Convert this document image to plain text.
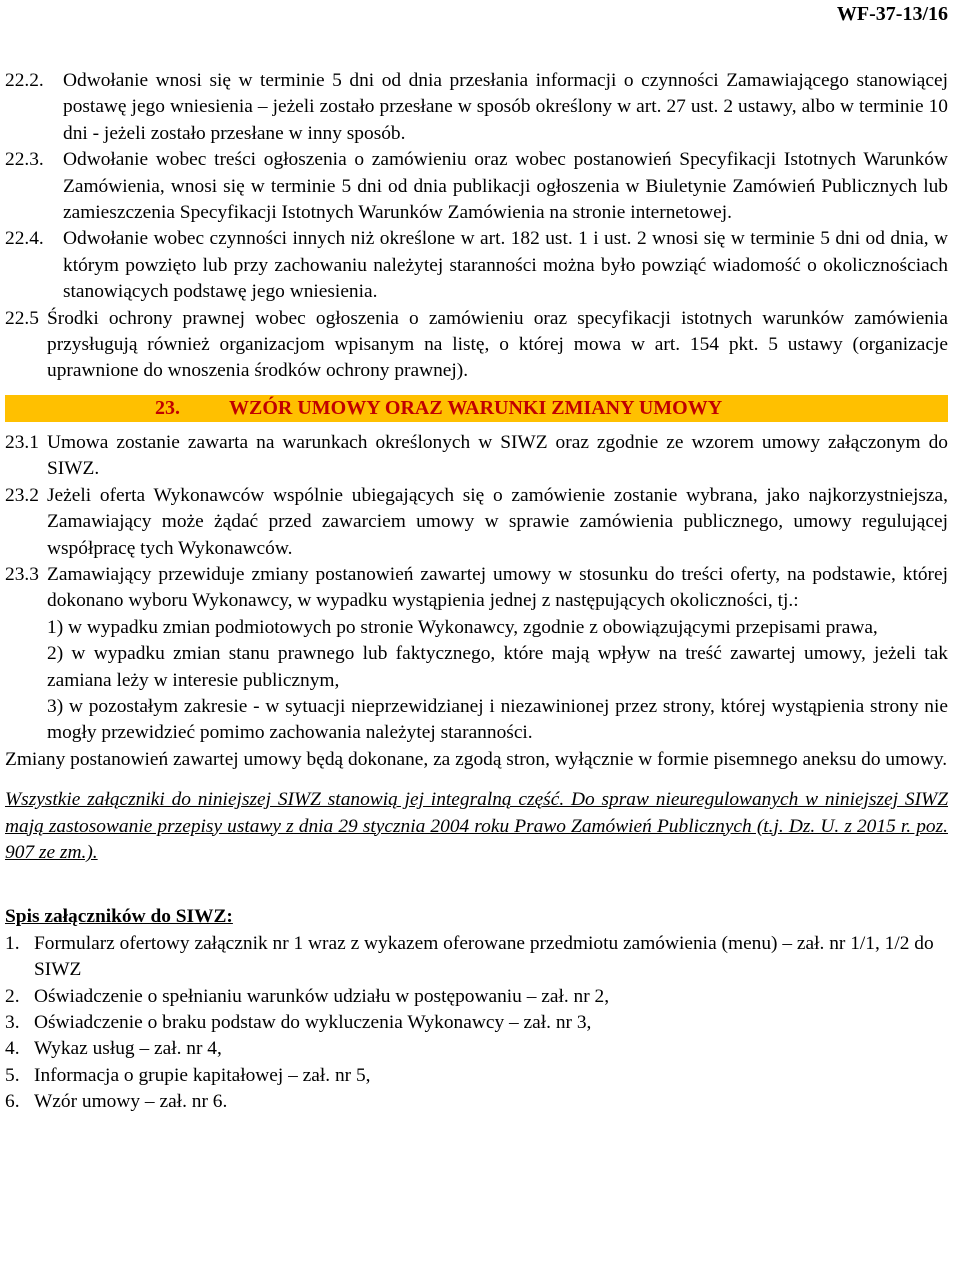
WF-37-13/16
22.2. Odwołanie wnosi się w terminie 5 dni od dnia przesłania informacji o czynności Zamawiającego stanowiącej postawę jego wniesienia – jeżeli zostało przesłane w sposób określony w art. 27 ust. 2 ustawy, albo w terminie 10 dni - jeżeli zostało przesłane w inny sposób.
22.3. Odwołanie wobec treści ogłoszenia o zamówieniu oraz wobec postanowień Specyfikacji Istotnych Warunków Zamówienia, wnosi się w terminie 5 dni od dnia publikacji ogłoszenia w Biuletynie Zamówień Publicznych lub zamieszczenia Specyfikacji Istotnych Warunków Zamówienia na stronie internetowej.
22.4. Odwołanie wobec czynności innych niż określone w art. 182 ust. 1 i ust. 2 wnosi się w terminie 5 dni od dnia, w którym powzięto lub przy zachowaniu należytej staranności można było powziąć wiadomość o okolicznościach stanowiących podstawę jego wniesienia.
22.5 Środki ochrony prawnej wobec ogłoszenia o zamówieniu oraz specyfikacji istotnych warunków zamówienia przysługują również organizacjom wpisanym na listę, o której mowa w art. 154 pkt. 5 ustawy (organizacje uprawnione do wnoszenia środków ochrony prawnej).
23. WZÓR UMOWY ORAZ WARUNKI ZMIANY UMOWY
23.1 Umowa zostanie zawarta na warunkach określonych w SIWZ oraz zgodnie ze wzorem umowy załączonym do SIWZ.
23.2 Jeżeli oferta Wykonawców wspólnie ubiegających się o zamówienie zostanie wybrana, jako najkorzystniejsza, Zamawiający może żądać przed zawarciem umowy w sprawie zamówienia publicznego, umowy regulującej współpracę tych Wykonawców.
23.3 Zamawiający przewiduje zmiany postanowień zawartej umowy w stosunku do treści oferty, na podstawie, której dokonano wyboru Wykonawcy, w wypadku wystąpienia jednej z następujących okoliczności, tj.:
1) w wypadku zmian podmiotowych po stronie Wykonawcy, zgodnie z obowiązującymi przepisami prawa,
2) w wypadku zmian stanu prawnego lub faktycznego, które mają wpływ na treść zawartej umowy, jeżeli tak zamiana leży w interesie publicznym,
3) w pozostałym zakresie - w sytuacji nieprzewidzianej i niezawinionej przez strony, której wystąpienia strony nie mogły przewidzieć pomimo zachowania należytej staranności.
Zmiany postanowień zawartej umowy będą dokonane, za zgodą stron, wyłącznie w formie pisemnego aneksu do umowy.
Wszystkie załączniki do niniejszej SIWZ stanowią jej integralną część. Do spraw nieuregulowanych w niniejszej SIWZ mają zastosowanie przepisy ustawy z dnia 29 stycznia 2004 roku Prawo Zamówień Publicznych (t.j. Dz. U. z 2015 r. poz. 907 ze zm.).
Spis załączników do SIWZ:
1. Formularz ofertowy załącznik nr 1 wraz z wykazem oferowane przedmiotu zamówienia (menu) – zał. nr 1/1, 1/2 do SIWZ
2. Oświadczenie o spełnianiu warunków udziału w postępowaniu – zał. nr 2,
3. Oświadczenie o braku podstaw do wykluczenia Wykonawcy – zał. nr 3,
4. Wykaz usług – zał. nr 4,
5. Informacja o grupie kapitałowej – zał. nr 5,
6. Wzór umowy – zał. nr 6.
